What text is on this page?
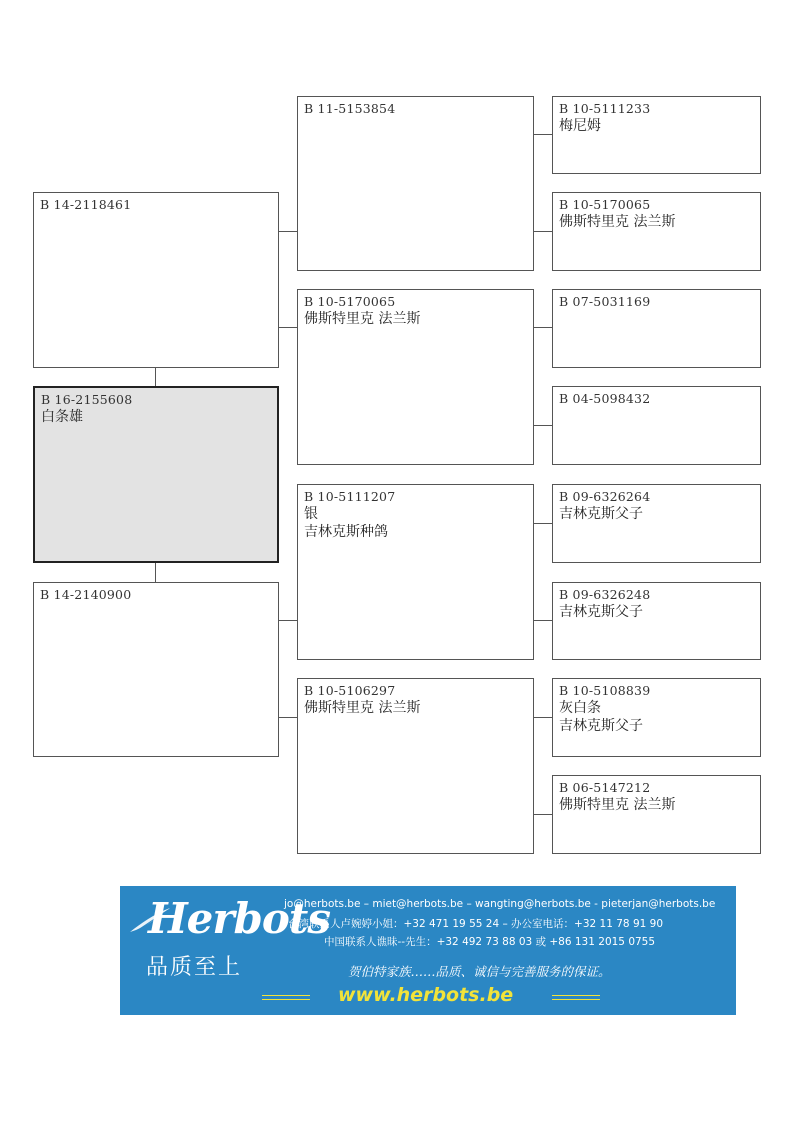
B 11-5153854
B 14-2118461
B 10-5170065
佛斯特里克 法兰斯
B 16-2155608
白条雄
B 10-5111207
银
吉林克斯种鸽
B 14-2140900
B 10-5106297
佛斯特里克 法兰斯
B 10-5111233
梅尼姆
B 10-5170065
佛斯特里克 法兰斯
B 07-5031169
B 04-5098432
B 09-6326264
吉林克斯父子
B 09-6326248
吉林克斯父子
B 10-5108839
灰白条
吉林克斯父子
B 06-5147212
佛斯特里克 法兰斯
Herbots
品质至上
jo@herbots.be – miet@herbots.be – wangting@herbots.be - pieterjan@herbots.be
台湾联系人卢婉婷小姐：+32 471 19 55 24 – 办公室电话：+32 11 78 91 90
中国联系人谯昧--先生：+32 492 73 88 03 或 +86 131 2015 0755
贺伯特家族……品质、诚信与完善服务的保证。
www.herbots.be
